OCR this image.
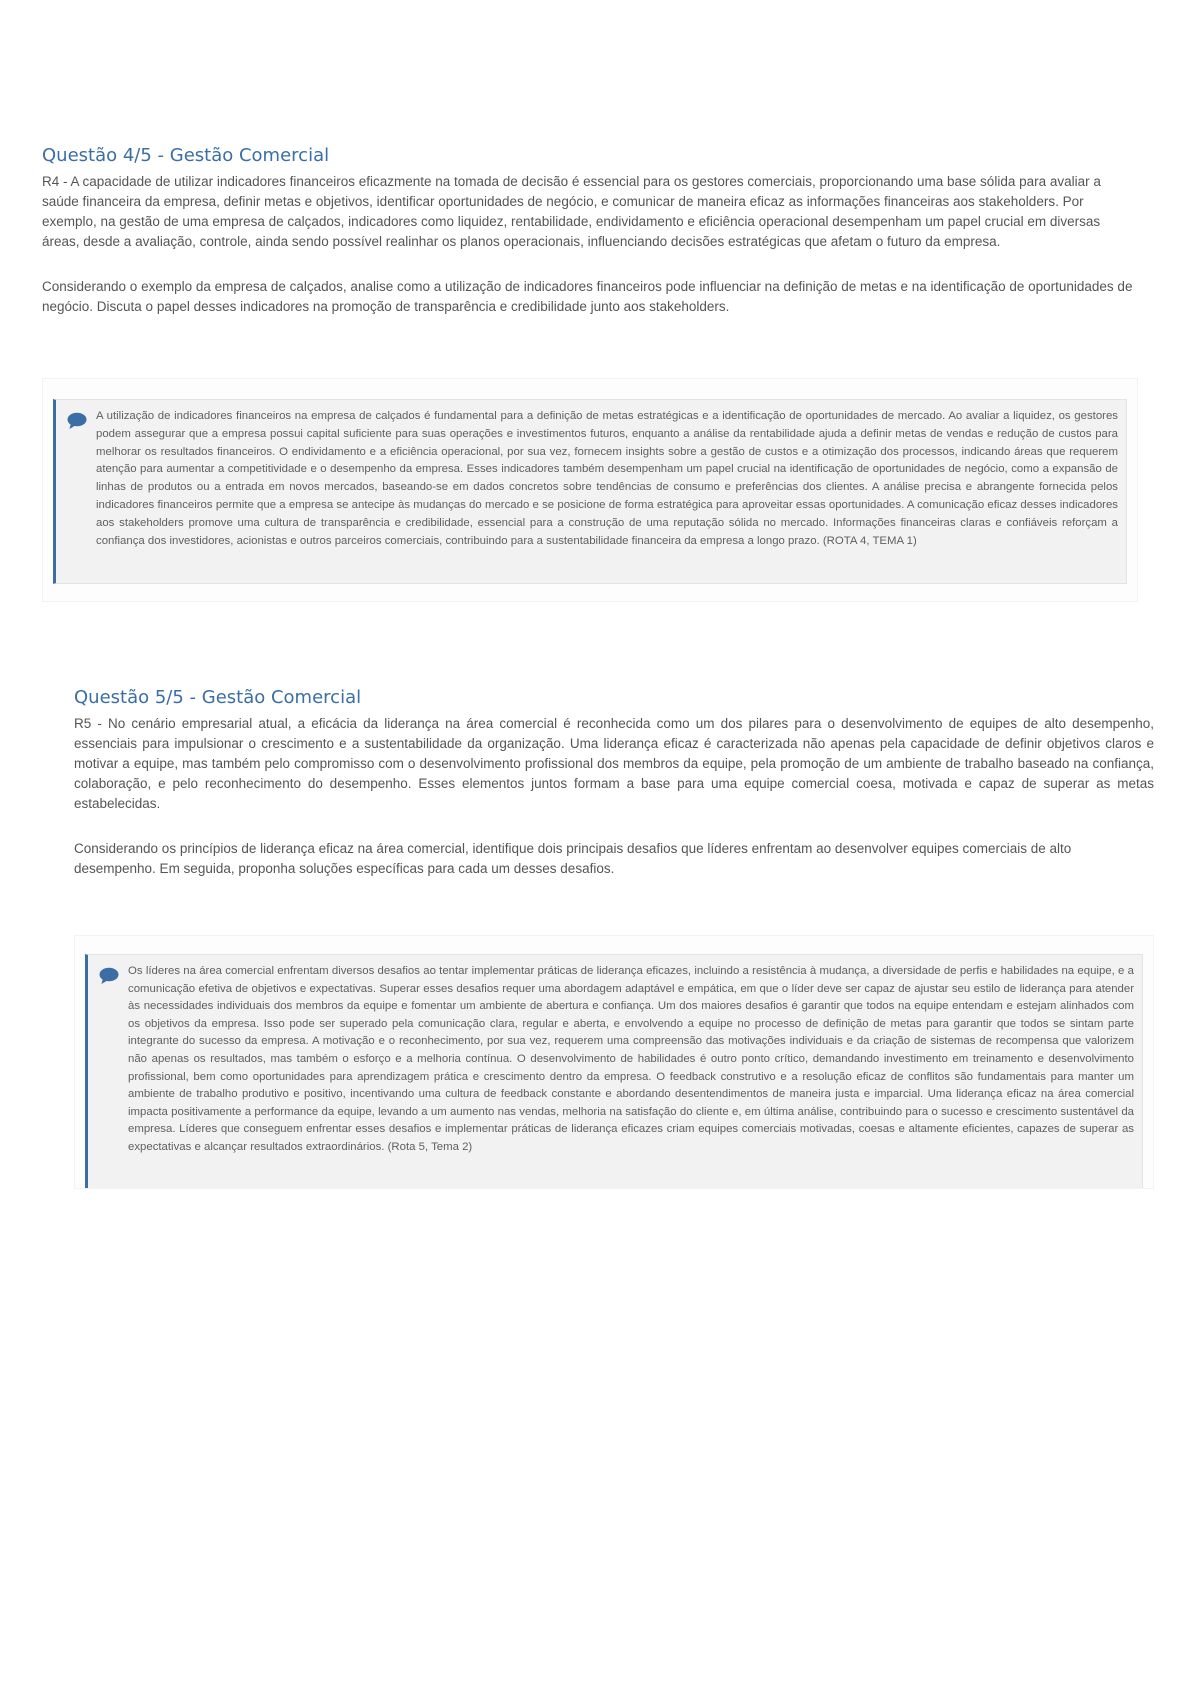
Questão 4/5 - Gestão Comercial

R4 - A capacidade de utilizar indicadores financeiros eficazmente na tomada de decisão é essencial para os gestores comerciais, proporcionando uma base sólida para avaliar a saúde financeira da empresa, definir metas e objetivos, identificar oportunidades de negócio, e comunicar de maneira eficaz as informações financeiras aos stakeholders. Por exemplo, na gestão de uma empresa de calçados, indicadores como liquidez, rentabilidade, endividamento e eficiência operacional desempenham um papel crucial em diversas áreas, desde a avaliação, controle, ainda sendo possível realinhar os planos operacionais, influenciando decisões estratégicas que afetam o futuro da empresa.

Considerando o exemplo da empresa de calçados, analise como a utilização de indicadores financeiros pode influenciar na definição de metas e na identificação de oportunidades de negócio. Discuta o papel desses indicadores na promoção de transparência e credibilidade junto aos stakeholders.

A utilização de indicadores financeiros na empresa de calçados é fundamental para a definição de metas estratégicas e a identificação de oportunidades de mercado. Ao avaliar a liquidez, os gestores podem assegurar que a empresa possui capital suficiente para suas operações e investimentos futuros, enquanto a análise da rentabilidade ajuda a definir metas de vendas e redução de custos para melhorar os resultados financeiros. O endividamento e a eficiência operacional, por sua vez, fornecem insights sobre a gestão de custos e a otimização dos processos, indicando áreas que requerem atenção para aumentar a competitividade e o desempenho da empresa. Esses indicadores também desempenham um papel crucial na identificação de oportunidades de negócio, como a expansão de linhas de produtos ou a entrada em novos mercados, baseando-se em dados concretos sobre tendências de consumo e preferências dos clientes. A análise precisa e abrangente fornecida pelos indicadores financeiros permite que a empresa se antecipe às mudanças do mercado e se posicione de forma estratégica para aproveitar essas oportunidades. A comunicação eficaz desses indicadores aos stakeholders promove uma cultura de transparência e credibilidade, essencial para a construção de uma reputação sólida no mercado. Informações financeiras claras e confiáveis reforçam a confiança dos investidores, acionistas e outros parceiros comerciais, contribuindo para a sustentabilidade financeira da empresa a longo prazo. (ROTA 4, TEMA 1)

Questão 5/5 - Gestão Comercial

R5 - No cenário empresarial atual, a eficácia da liderança na área comercial é reconhecida como um dos pilares para o desenvolvimento de equipes de alto desempenho, essenciais para impulsionar o crescimento e a sustentabilidade da organização. Uma liderança eficaz é caracterizada não apenas pela capacidade de definir objetivos claros e motivar a equipe, mas também pelo compromisso com o desenvolvimento profissional dos membros da equipe, pela promoção de um ambiente de trabalho baseado na confiança, colaboração, e pelo reconhecimento do desempenho. Esses elementos juntos formam a base para uma equipe comercial coesa, motivada e capaz de superar as metas estabelecidas.

Considerando os princípios de liderança eficaz na área comercial, identifique dois principais desafios que líderes enfrentam ao desenvolver equipes comerciais de alto desempenho. Em seguida, proponha soluções específicas para cada um desses desafios.

Os líderes na área comercial enfrentam diversos desafios ao tentar implementar práticas de liderança eficazes, incluindo a resistência à mudança, a diversidade de perfis e habilidades na equipe, e a comunicação efetiva de objetivos e expectativas. Superar esses desafios requer uma abordagem adaptável e empática, em que o líder deve ser capaz de ajustar seu estilo de liderança para atender às necessidades individuais dos membros da equipe e fomentar um ambiente de abertura e confiança. Um dos maiores desafios é garantir que todos na equipe entendam e estejam alinhados com os objetivos da empresa. Isso pode ser superado pela comunicação clara, regular e aberta, e envolvendo a equipe no processo de definição de metas para garantir que todos se sintam parte integrante do sucesso da empresa. A motivação e o reconhecimento, por sua vez, requerem uma compreensão das motivações individuais e da criação de sistemas de recompensa que valorizem não apenas os resultados, mas também o esforço e a melhoria contínua. O desenvolvimento de habilidades é outro ponto crítico, demandando investimento em treinamento e desenvolvimento profissional, bem como oportunidades para aprendizagem prática e crescimento dentro da empresa. O feedback construtivo e a resolução eficaz de conflitos são fundamentais para manter um ambiente de trabalho produtivo e positivo, incentivando uma cultura de feedback constante e abordando desentendimentos de maneira justa e imparcial. Uma liderança eficaz na área comercial impacta positivamente a performance da equipe, levando a um aumento nas vendas, melhoria na satisfação do cliente e, em última análise, contribuindo para o sucesso e crescimento sustentável da empresa. Líderes que conseguem enfrentar esses desafios e implementar práticas de liderança eficazes criam equipes comerciais motivadas, coesas e altamente eficientes, capazes de superar as expectativas e alcançar resultados extraordinários. (Rota 5, Tema 2)
